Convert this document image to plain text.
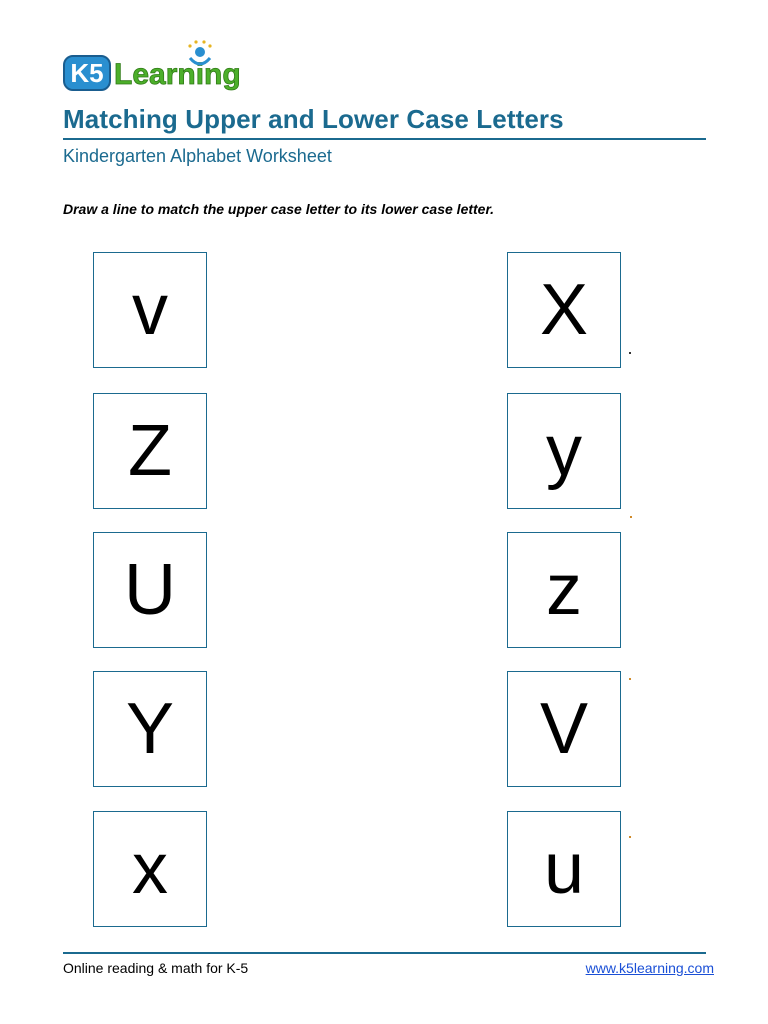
K5 Learning
Matching Upper and Lower Case Letters
Kindergarten Alphabet Worksheet
Draw a line to match the upper case letter to its lower case letter.
v
Z
U
Y
x
X
y
z
V
u
Online reading & math for K-5	www.k5learning.com
